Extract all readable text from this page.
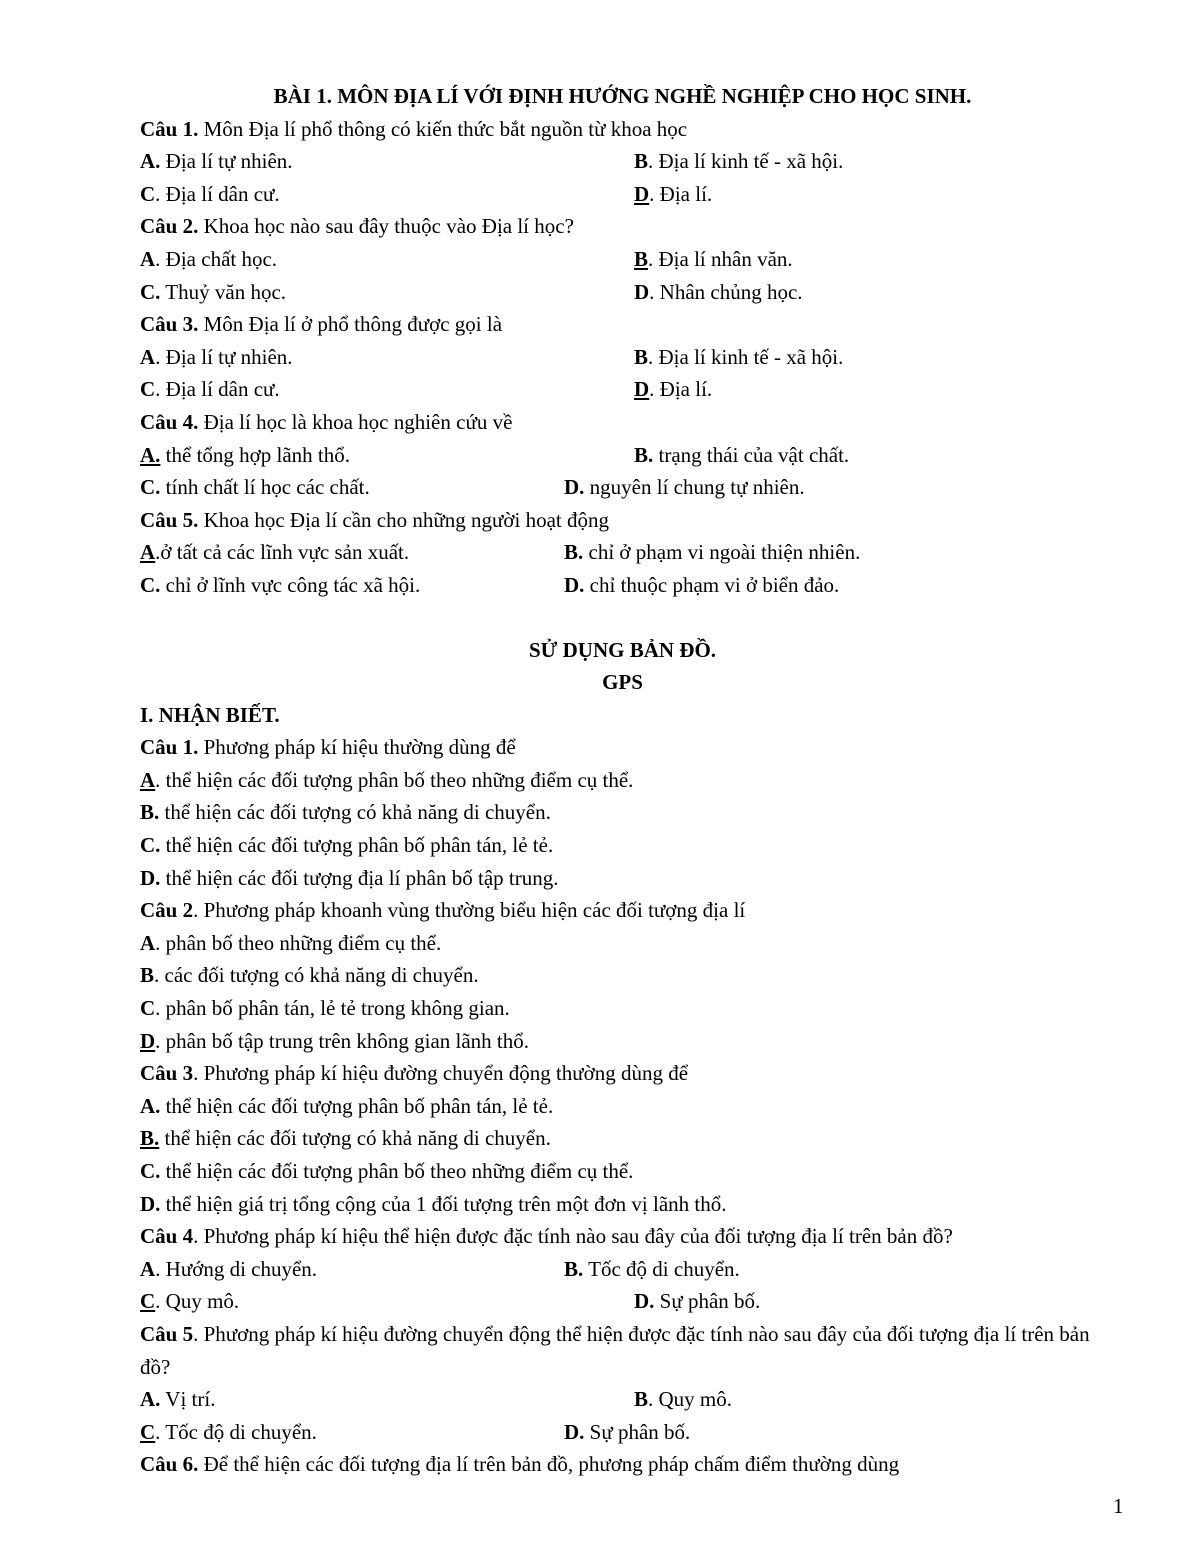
BÀI 1. MÔN ĐỊA LÍ VỚI ĐỊNH HƯỚNG NGHỀ NGHIỆP CHO HỌC SINH.
Câu 1. Môn Địa lí phổ thông có kiến thức bắt nguồn từ khoa học
A. Địa lí tự nhiên.	B. Địa lí kinh tế - xã hội.
C. Địa lí dân cư.	D. Địa lí.
Câu 2. Khoa học nào sau đây thuộc vào Địa lí học?
A. Địa chất học.	B. Địa lí nhân văn.
C. Thuỷ văn học.	D. Nhân chủng học.
Câu 3. Môn Địa lí ở phổ thông được gọi là
A. Địa lí tự nhiên.	B. Địa lí kinh tế - xã hội.
C. Địa lí dân cư.	D. Địa lí.
Câu 4. Địa lí học là khoa học nghiên cứu về
A. thể tổng hợp lãnh thổ.	B. trạng thái của vật chất.
C. tính chất lí học các chất.	D. nguyên lí chung tự nhiên.
Câu 5. Khoa học Địa lí cần cho những người hoạt động
A.ở tất cả các lĩnh vực sản xuất.	B. chỉ ở phạm vi ngoài thiện nhiên.
C. chỉ ở lĩnh vực công tác xã hội.	D. chỉ thuộc phạm vi ở biển đảo.
SỬ DỤNG BẢN ĐỒ.
GPS
I. NHẬN BIẾT.
Câu 1. Phương pháp kí hiệu thường dùng để
A. thể hiện các đối tượng phân bố theo những điểm cụ thể.
B. thể hiện các đối tượng có khả năng di chuyển.
C. thể hiện các đối tượng phân bố phân tán, lẻ tẻ.
D. thể hiện các đối tượng địa lí phân bố tập trung.
Câu 2. Phương pháp khoanh vùng thường biểu hiện các đối tượng địa lí
A. phân bố theo những điểm cụ thể.
B. các đối tượng có khả năng di chuyển.
C. phân bố phân tán, lẻ tẻ trong không gian.
D. phân bố tập trung trên không gian lãnh thổ.
Câu 3. Phương pháp kí hiệu đường chuyển động thường dùng để
A. thể hiện các đối tượng phân bố phân tán, lẻ tẻ.
B. thể hiện các đối tượng có khả năng di chuyển.
C. thể hiện các đối tượng phân bố theo những điểm cụ thể.
D. thể hiện giá trị tổng cộng của 1 đối tượng trên một đơn vị lãnh thổ.
Câu 4. Phương pháp kí hiệu thể hiện được đặc tính nào sau đây của đối tượng địa lí trên bản đồ?
A. Hướng di chuyển.	B. Tốc độ di chuyển.
C. Quy mô.	D. Sự phân bố.
Câu 5. Phương pháp kí hiệu đường chuyển động thể hiện được đặc tính nào sau đây của đối tượng địa lí trên bản đồ?
A. Vị trí.	B. Quy mô.
C. Tốc độ di chuyển.	D. Sự phân bố.
Câu 6. Để thể hiện các đối tượng địa lí trên bản đồ, phương pháp chấm điểm thường dùng
1
